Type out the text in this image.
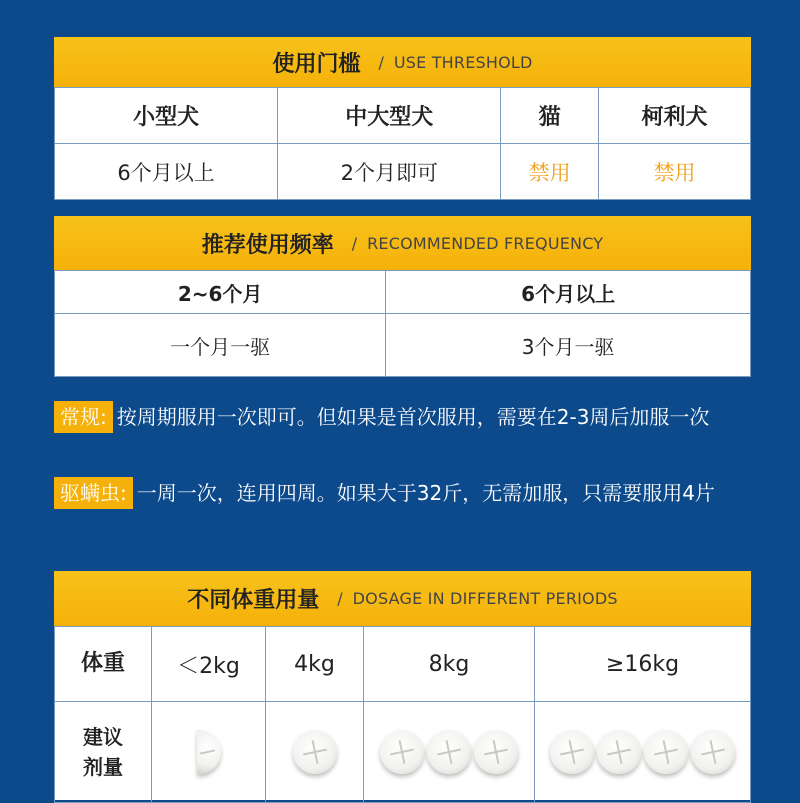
使用门槛 / USE THRESHOLD
小型犬	中大型犬	猫	柯利犬
6个月以上	2个月即可	禁用	禁用
推荐使用频率 / RECOMMENDED FREQUENCY
2~6个月	6个月以上
一个月一驱	3个月一驱
常规: 按周期服用一次即可。但如果是首次服用，需要在2-3周后加服一次
驱螨虫: 一周一次，连用四周。如果大于32斤，无需加服，只需要服用4片
不同体重用量 / DOSAGE IN DIFFERENT PERIODS
体重	＜2kg	4kg	8kg	≥16kg
建议剂量	
